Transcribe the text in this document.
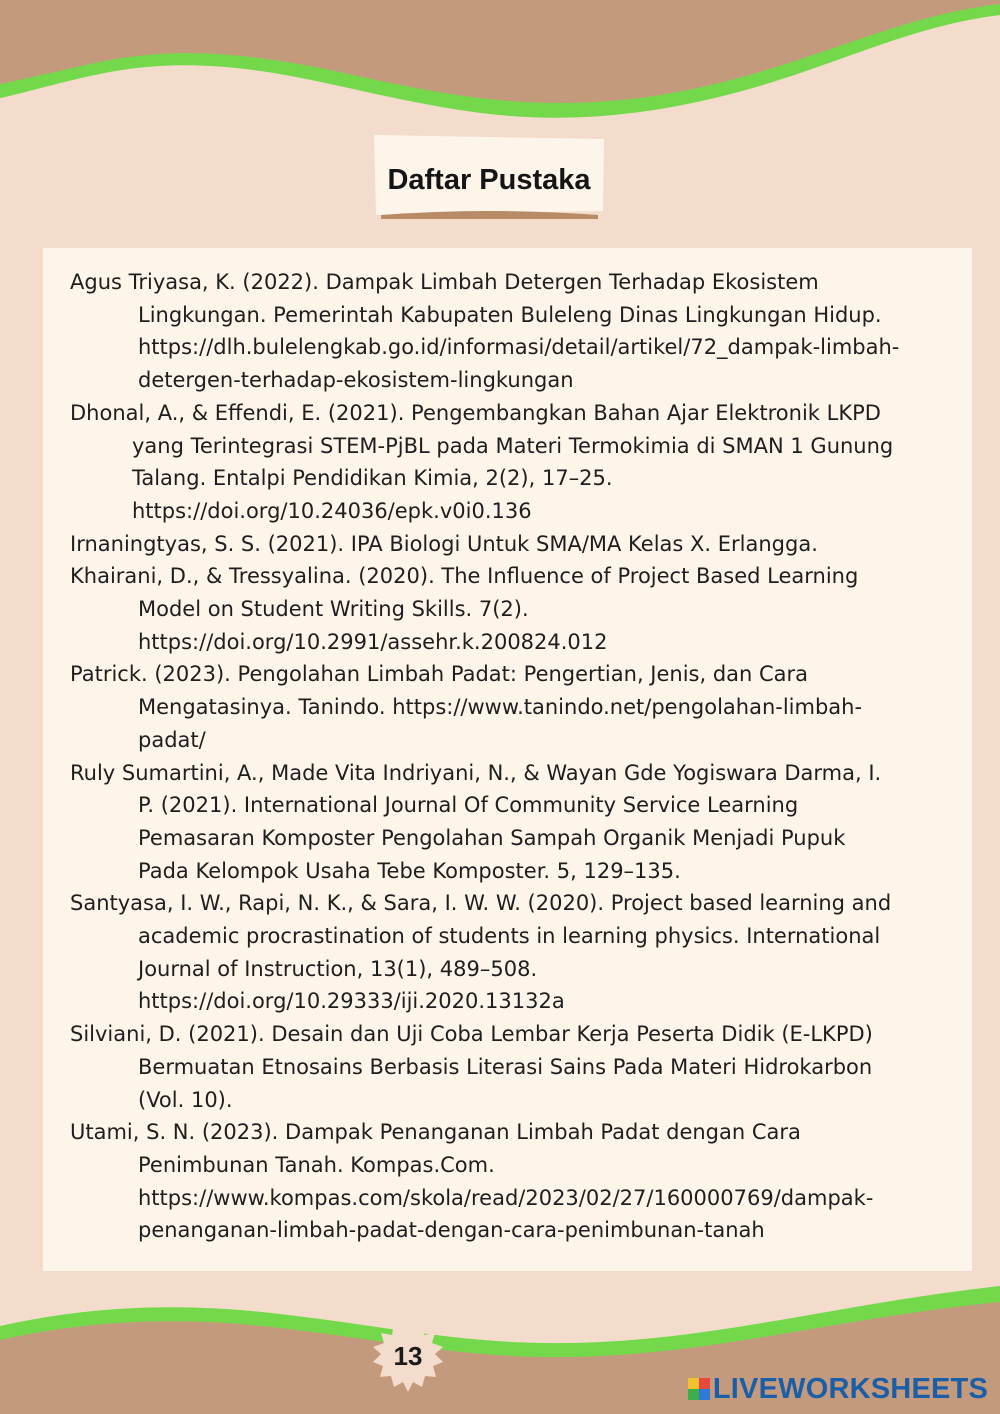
Daftar Pustaka

Agus Triyasa, K. (2022). Dampak Limbah Detergen Terhadap Ekosistem
Lingkungan. Pemerintah Kabupaten Buleleng Dinas Lingkungan Hidup.
https://dlh.bulelengkab.go.id/informasi/detail/artikel/72_dampak-limbah-
detergen-terhadap-ekosistem-lingkungan

Dhonal, A., & Effendi, E. (2021). Pengembangkan Bahan Ajar Elektronik LKPD
yang Terintegrasi STEM-PjBL pada Materi Termokimia di SMAN 1 Gunung
Talang. Entalpi Pendidikan Kimia, 2(2), 17–25.
https://doi.org/10.24036/epk.v0i0.136

Irnaningtyas, S. S. (2021). IPA Biologi Untuk SMA/MA Kelas X. Erlangga.

Khairani, D., & Tressyalina. (2020). The Influence of Project Based Learning
Model on Student Writing Skills. 7(2).
https://doi.org/10.2991/assehr.k.200824.012

Patrick. (2023). Pengolahan Limbah Padat: Pengertian, Jenis, dan Cara
Mengatasinya. Tanindo. https://www.tanindo.net/pengolahan-limbah-
padat/

Ruly Sumartini, A., Made Vita Indriyani, N., & Wayan Gde Yogiswara Darma, I.
P. (2021). International Journal Of Community Service Learning
Pemasaran Komposter Pengolahan Sampah Organik Menjadi Pupuk
Pada Kelompok Usaha Tebe Komposter. 5, 129–135.

Santyasa, I. W., Rapi, N. K., & Sara, I. W. W. (2020). Project based learning and
academic procrastination of students in learning physics. International
Journal of Instruction, 13(1), 489–508.
https://doi.org/10.29333/iji.2020.13132a

Silviani, D. (2021). Desain dan Uji Coba Lembar Kerja Peserta Didik (E-LKPD)
Bermuatan Etnosains Berbasis Literasi Sains Pada Materi Hidrokarbon
(Vol. 10).

Utami, S. N. (2023). Dampak Penanganan Limbah Padat dengan Cara
Penimbunan Tanah. Kompas.Com.
https://www.kompas.com/skola/read/2023/02/27/160000769/dampak-
penanganan-limbah-padat-dengan-cara-penimbunan-tanah

13
LIVEWORKSHEETS
